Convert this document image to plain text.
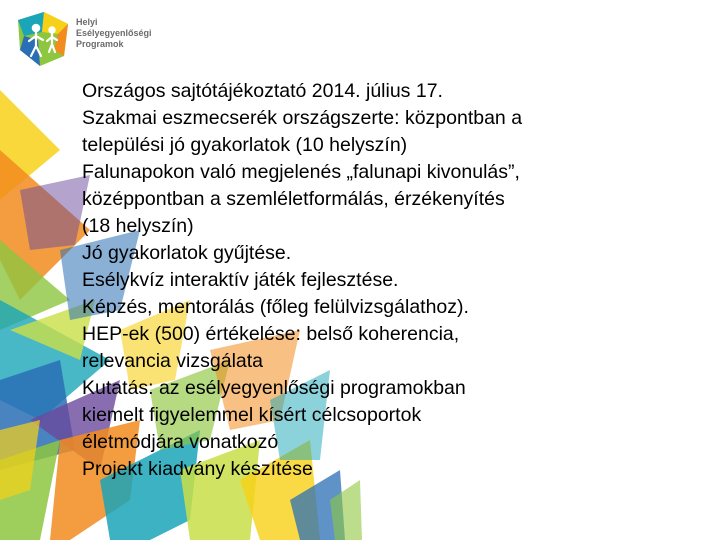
Helyi
Esélyegyenlőségi
Programok
Országos sajtótájékoztató 2014. július 17.
Szakmai eszmecserék országszerte: központban a
települési jó gyakorlatok (10 helyszín)
Falunapokon való megjelenés „falunapi kivonulás”,
középpontban a szemléletformálás, érzékenyítés
(18 helyszín)
Jó gyakorlatok gyűjtése.
Esélykvíz interaktív játék fejlesztése.
Képzés, mentorálás (főleg felülvizsgálathoz).
HEP-ek (500) értékelése: belső koherencia,
relevancia vizsgálata
Kutatás: az esélyegyenlőségi programokban
kiemelt figyelemmel kísért célcsoportok
életmódjára vonatkozó
Projekt kiadvány készítése
